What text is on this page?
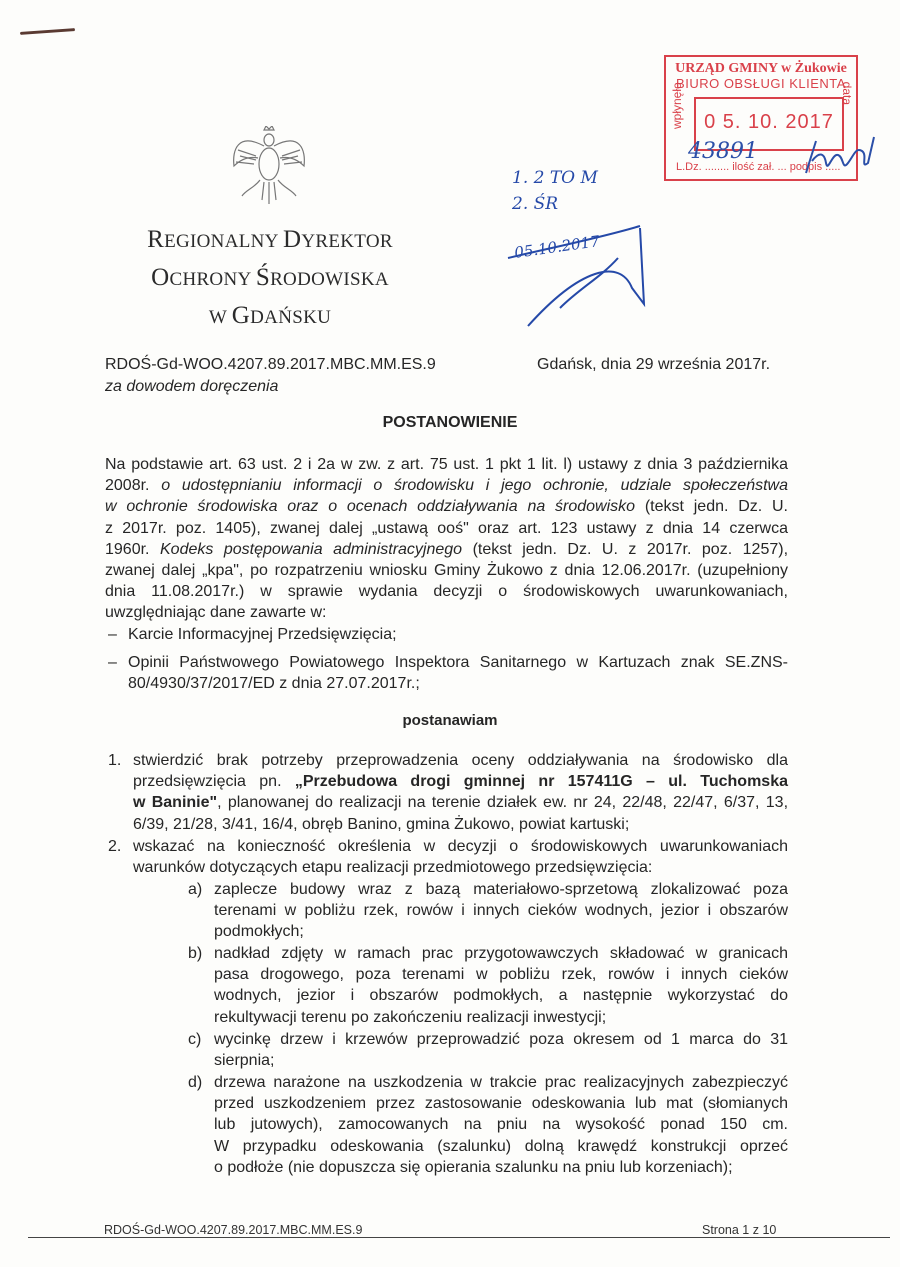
URZĄD GMINY w Żukowie
BIURO OBSŁUGI KLIENTA
wpłynęło	data
0 5. 10. 2017
L.Dz. ........ ilość zał. ... podpis .....
43891
1. 2 TO M
2. ŚR
05.10.2017
REGIONALNY DYREKTOR
OCHRONY ŚRODOWISKA
W GDAŃSKU
RDOŚ-Gd-WOO.4207.89.2017.MBC.MM.ES.9
za dowodem doręczenia
Gdańsk, dnia 29 września 2017r.
POSTANOWIENIE
Na podstawie art. 63 ust. 2 i 2a w zw. z art. 75 ust. 1 pkt 1 lit. l) ustawy z dnia 3 października
2008r. o udostępnianiu informacji o środowisku i jego ochronie, udziale społeczeństwa
w ochronie środowiska oraz o ocenach oddziaływania na środowisko (tekst jedn. Dz. U.
z 2017r. poz. 1405), zwanej dalej „ustawą ooś" oraz art. 123 ustawy z dnia 14 czerwca
1960r. Kodeks postępowania administracyjnego (tekst jedn. Dz. U. z 2017r. poz. 1257),
zwanej dalej „kpa", po rozpatrzeniu wniosku Gminy Żukowo z dnia 12.06.2017r. (uzupełniony
dnia 11.08.2017r.) w sprawie wydania decyzji o środowiskowych uwarunkowaniach,
uwzględniając dane zawarte w:
– Karcie Informacyjnej Przedsięwzięcia;
– Opinii Państwowego Powiatowego Inspektora Sanitarnego w Kartuzach znak SE.ZNS-
80/4930/37/2017/ED z dnia 27.07.2017r.;
postanawiam
1. stwierdzić brak potrzeby przeprowadzenia oceny oddziaływania na środowisko dla
przedsięwzięcia pn. „Przebudowa drogi gminnej nr 157411G – ul. Tuchomska
w Baninie", planowanej do realizacji na terenie działek ew. nr 24, 22/48, 22/47, 6/37, 13,
6/39, 21/28, 3/41, 16/4, obręb Banino, gmina Żukowo, powiat kartuski;
2. wskazać na konieczność określenia w decyzji o środowiskowych uwarunkowaniach
warunków dotyczących etapu realizacji przedmiotowego przedsięwzięcia:
a) zaplecze budowy wraz z bazą materiałowo-sprzetową zlokalizować poza
terenami w pobliżu rzek, rowów i innych cieków wodnych, jezior i obszarów
podmokłych;
b) nadkład zdjęty w ramach prac przygotowawczych składować w granicach
pasa drogowego, poza terenami w pobliżu rzek, rowów i innych cieków
wodnych, jezior i obszarów podmokłych, a następnie wykorzystać do
rekultywacji terenu po zakończeniu realizacji inwestycji;
c) wycinkę drzew i krzewów przeprowadzić poza okresem od 1 marca do 31
sierpnia;
d) drzewa narażone na uszkodzenia w trakcie prac realizacyjnych zabezpieczyć
przed uszkodzeniem przez zastosowanie odeskowania lub mat (słomianych
lub jutowych), zamocowanych na pniu na wysokość ponad 150 cm.
W przypadku odeskowania (szalunku) dolną krawędź konstrukcji oprzeć
o podłoże (nie dopuszcza się opierania szalunku na pniu lub korzeniach);
RDOŚ-Gd-WOO.4207.89.2017.MBC.MM.ES.9	Strona 1 z 10
